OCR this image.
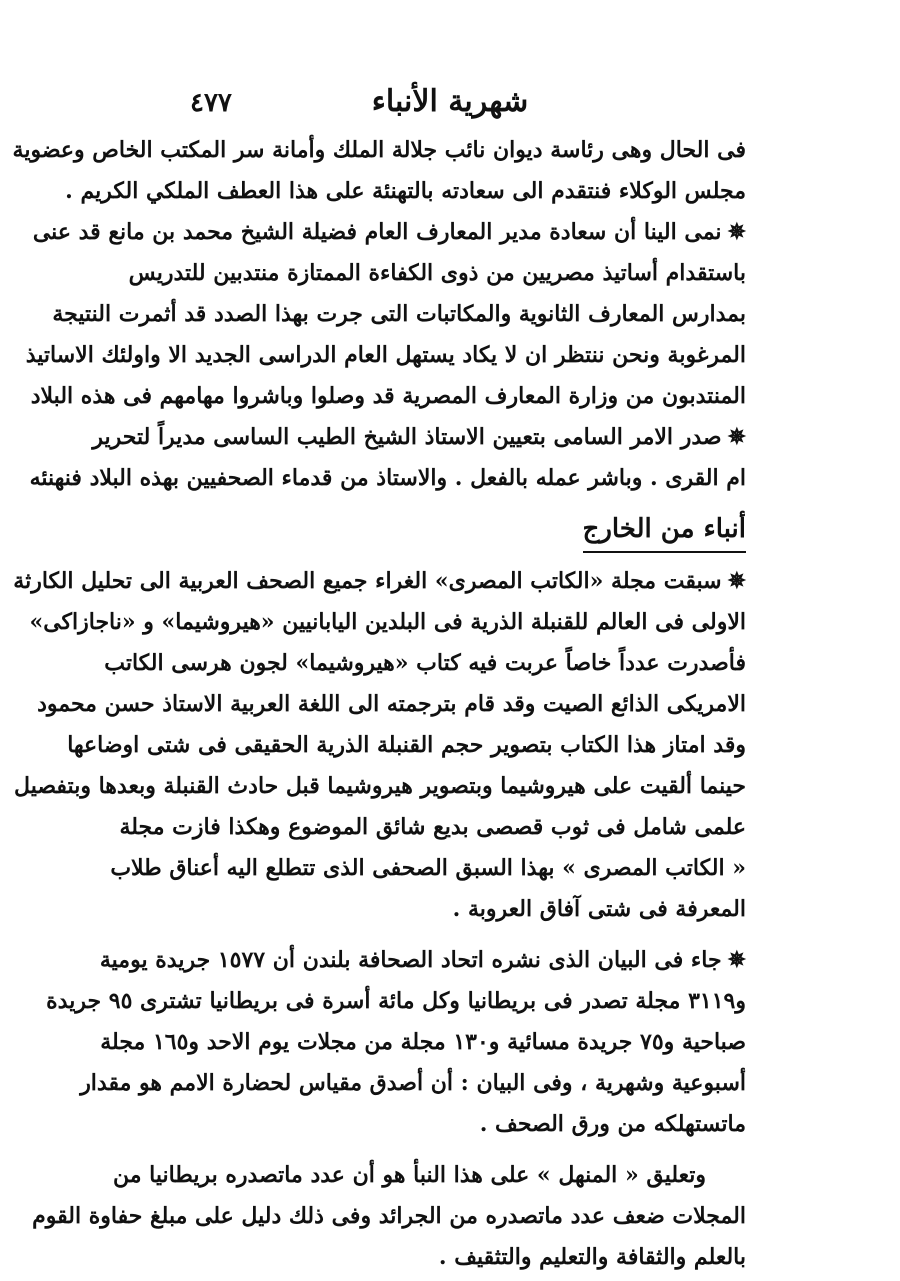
شهرية الأنباء
٤٧٧
فى الحال وهى رئاسة ديوان نائب جلالة الملك وأمانة سر المكتب الخاص وعضوية
مجلس الوكلاء فنتقدم الى سعادته بالتهنئة على هذا العطف الملكي الكريم .
✵نمى الينا أن سعادة مدير المعارف العام فضيلة الشيخ محمد بن مانع قد عنى
باستقدام أساتيذ مصريين من ذوى الكفاءة الممتازة منتدبين للتدريس
بمدارس المعارف الثانوية والمكاتبات التى جرت بهذا الصدد قد أثمرت النتيجة
المرغوبة ونحن ننتظر ان لا يكاد يستهل العام الدراسى الجديد الا واولئك الاساتيذ
المنتدبون من وزارة المعارف المصرية قد وصلوا وباشروا مهامهم فى هذه البلاد
✵صدر الامر السامى بتعيين الاستاذ الشيخ الطيب الساسى مديراً لتحرير
ام القرى . وباشر عمله بالفعل . والاستاذ من قدماء الصحفيين بهذه البلاد فنهنئه
أنباء من الخارج
✵سبقت مجلة «الكاتب المصرى» الغراء جميع الصحف العربية الى تحليل الكارثة
الاولى فى العالم للقنبلة الذرية فى البلدين اليابانيين «هيروشيما» و «ناجازاكى»
فأصدرت عدداً خاصاً عربت فيه كتاب «هيروشيما» لجون هرسى الكاتب
الامريكى الذائع الصيت وقد قام بترجمته الى اللغة العربية الاستاذ حسن محمود
وقد امتاز هذا الكتاب بتصوير حجم القنبلة الذرية الحقيقى فى شتى اوضاعها
حينما ألقيت على هيروشيما وبتصوير هيروشيما قبل حادث القنبلة وبعدها وبتفصيل
علمى شامل فى ثوب قصصى بديع شائق الموضوع وهكذا فازت مجلة
« الكاتب المصرى » بهذا السبق الصحفى الذى تتطلع اليه أعناق طلاب
المعرفة فى شتى آفاق العروبة .
✵جاء فى البيان الذى نشره اتحاد الصحافة بلندن أن ١٥٧٧ جريدة يومية
و٣١١٩ مجلة تصدر فى بريطانيا وكل مائة أسرة فى بريطانيا تشترى ٩٥ جريدة
صباحية و٧٥ جريدة مسائية و١٣٠ مجلة من مجلات يوم الاحد و١٦٥ مجلة
أسبوعية وشهرية ، وفى البيان : أن أصدق مقياس لحضارة الامم هو مقدار
ماتستهلكه من ورق الصحف .
وتعليق « المنهل » على هذا النبأ هو أن عدد ماتصدره بريطانيا من
المجلات ضعف عدد ماتصدره من الجرائد وفى ذلك دليل على مبلغ حفاوة القوم
بالعلم والثقافة والتعليم والتثقيف .
